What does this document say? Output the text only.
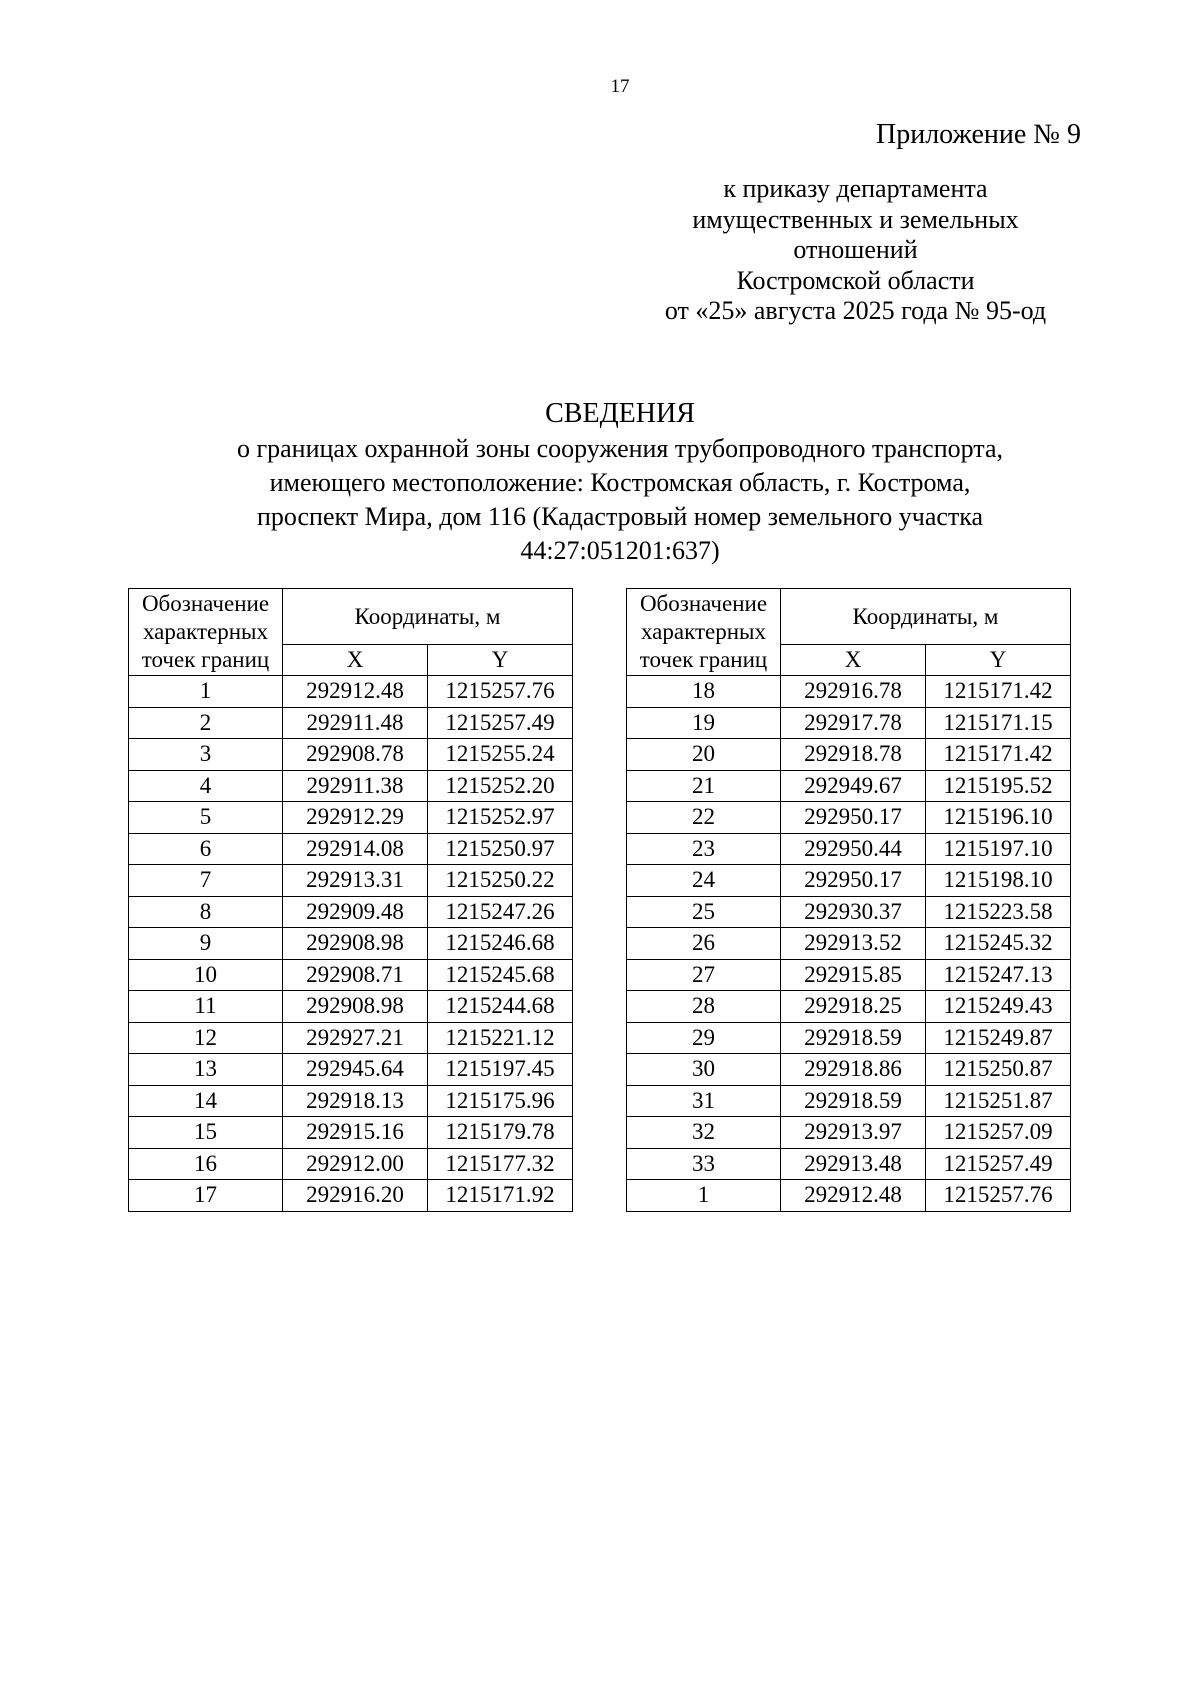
17
Приложение № 9
к приказу департамента
имущественных и земельных
отношений
Костромской области
от «25» августа 2025 года № 95-од
СВЕДЕНИЯ
о границах охранной зоны сооружения трубопроводного транспорта,
имеющего местоположение: Костромская область, г. Кострома,
проспект Мира, дом 116 (Кадастровый номер земельного участка
44:27:051201:637)
Обозначение характерных точек границ	Координаты, м	
	X	Y
1	292912.48	1215257.76
2	292911.48	1215257.49
3	292908.78	1215255.24
4	292911.38	1215252.20
5	292912.29	1215252.97
6	292914.08	1215250.97
7	292913.31	1215250.22
8	292909.48	1215247.26
9	292908.98	1215246.68
10	292908.71	1215245.68
11	292908.98	1215244.68
12	292927.21	1215221.12
13	292945.64	1215197.45
14	292918.13	1215175.96
15	292915.16	1215179.78
16	292912.00	1215177.32
17	292916.20	1215171.92
Обозначение характерных точек границ	Координаты, м	
	X	Y
18	292916.78	1215171.42
19	292917.78	1215171.15
20	292918.78	1215171.42
21	292949.67	1215195.52
22	292950.17	1215196.10
23	292950.44	1215197.10
24	292950.17	1215198.10
25	292930.37	1215223.58
26	292913.52	1215245.32
27	292915.85	1215247.13
28	292918.25	1215249.43
29	292918.59	1215249.87
30	292918.86	1215250.87
31	292918.59	1215251.87
32	292913.97	1215257.09
33	292913.48	1215257.49
1	292912.48	1215257.76
